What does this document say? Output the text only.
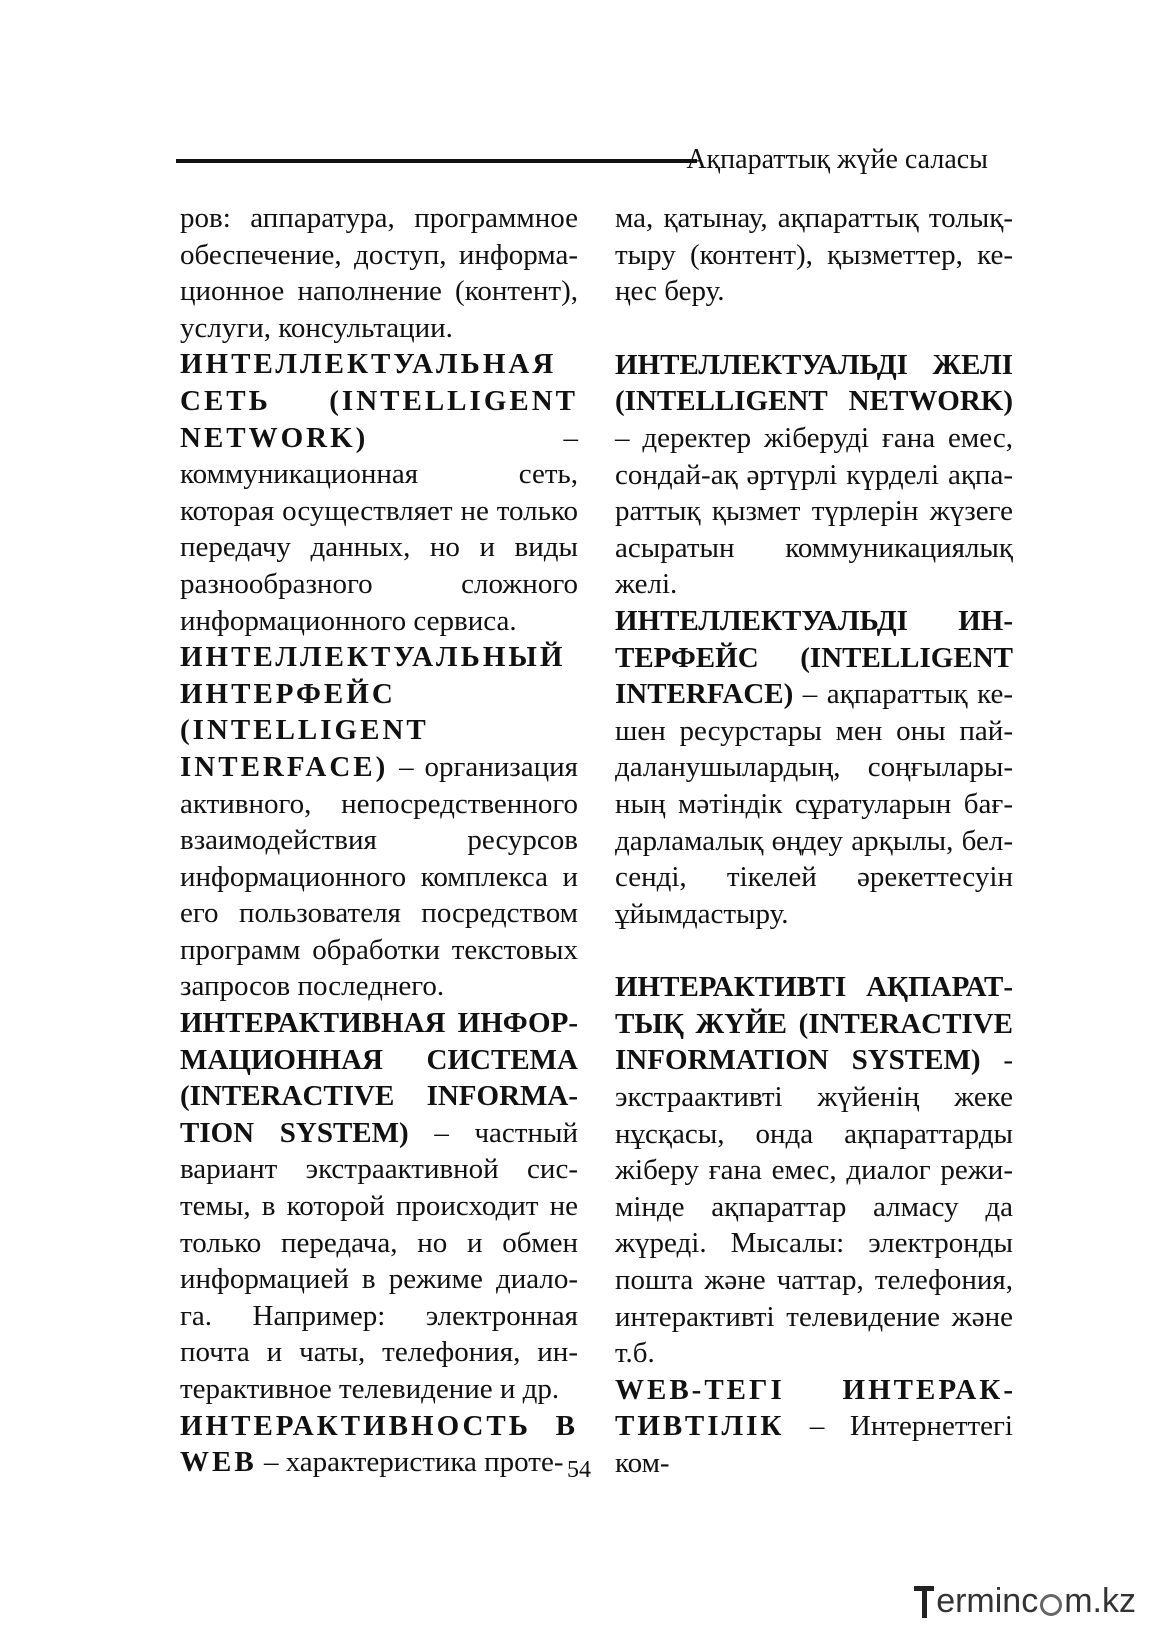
Ақпараттық жүйе саласы

ров: аппаратура, программное обеспечение, доступ, информационное наполнение (контент), услуги, консультации.

ИНТЕЛЛЕКТУАЛЬНАЯ СЕТЬ (INTELLIGENT NETWORK) – коммуникационная сеть, которая осуществляет не только передачу данных, но и виды разнообразного сложного информационного сервиса.

ИНТЕЛЛЕКТУАЛЬНЫЙ ИНТЕРФЕЙС (INTELLIGENT INTERFACE) – организация активного, непосредственного взаимодействия ресурсов информационного комплекса и его пользователя посредством программ обработки текстовых запросов последнего.

ИНТЕРАКТИВНАЯ ИНФОРМАЦИОННАЯ СИСТЕМА (INTERACTIVE INFORMATION SYSTEM) – частный вариант экстраактивной системы, в которой происходит не только передача, но и обмен информацией в режиме диалога. Например: электронная почта и чаты, телефония, интерактивное телевидение и др.

ИНТЕРАКТИВНОСТЬ В WEB – характеристика проте-

ма, қатынау, ақпараттық толықтыру (контент), қызметтер, кеңес беру.

ИНТЕЛЛЕКТУАЛЬДІ ЖЕЛІ (INTELLIGENT NETWORK) – деректер жіберуді ғана емес, сондай-ақ әртүрлі күрделі ақпараттық қызмет түрлерін жүзеге асыратын коммуникациялық желі.

ИНТЕЛЛЕКТУАЛЬДІ ИНТЕРФЕЙС (INTELLIGENT INTERFACE) – ақпараттық кешен ресурстары мен оны пайдаланушылардың, соңғыларының мәтіндік сұратуларын бағдарламалық өңдеу арқылы, белсенді, тікелей әрекеттесуін ұйымдастыру.

ИНТЕРАКТИВТІ АҚПАРАТТЫҚ ЖҮЙЕ (INTERACTIVE INFORMATION SYSTEM) - экстраактивті жүйенің жеке нұсқасы, онда ақпараттарды жіберу ғана емес, диалог режимінде ақпараттар алмасу да жүреді. Мысалы: электронды пошта және чаттар, телефония, интерактивті телевидение және т.б.

WEB-ТЕГІ ИНТЕРАКТИВТІЛІК – Интернеттегі ком-

54
ermin c m.kz
